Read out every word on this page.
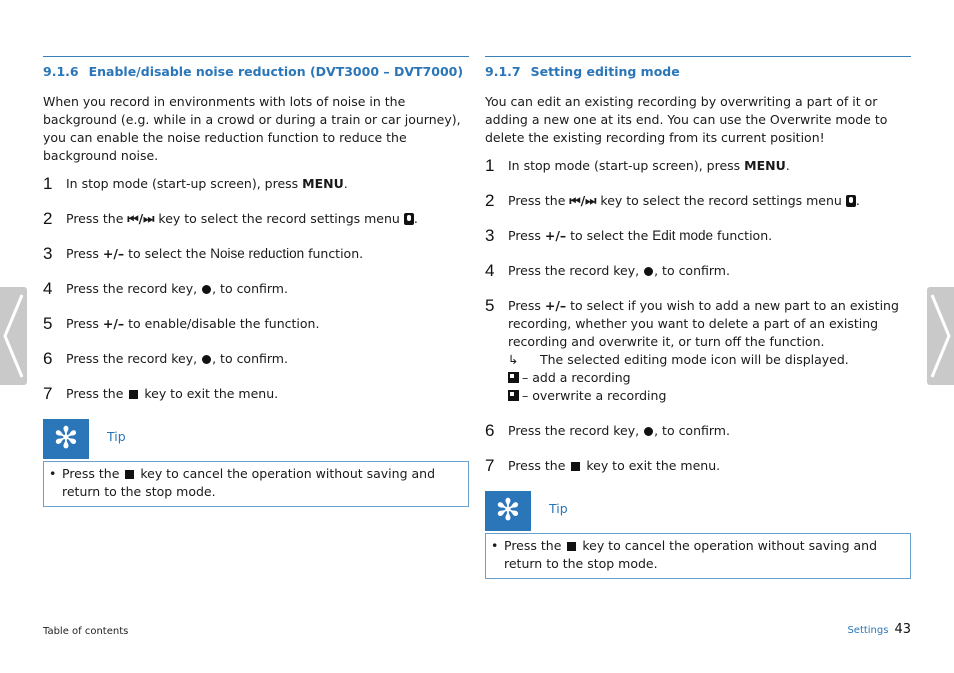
9.1.6 Enable/disable noise reduction (DVT3000 – DVT7000)

When you record in environments with lots of noise in the background (e.g. while in a crowd or during a train or car journey), you can enable the noise reduction function to reduce the background noise.

1 In stop mode (start-up screen), press MENU.
2 Press the ⏮/⏭ key to select the record settings menu .
3 Press +/– to select the Noise reduction function.
4 Press the record key, , to confirm.
5 Press +/– to enable/disable the function.
6 Press the record key, , to confirm.
7 Press the  key to exit the menu.
✻	Tip
• Press the  key to cancel the operation without saving and return to the stop mode.
9.1.7 Setting editing mode

You can edit an existing recording by overwriting a part of it or adding a new one at its end. You can use the Overwrite mode to delete the existing recording from its current position!

1 In stop mode (start-up screen), press MENU.
2 Press the ⏮/⏭ key to select the record settings menu .
3 Press +/– to select the Edit mode function.
4 Press the record key, , to confirm.
5 Press +/– to select if you wish to add a new part to an existing recording, whether you want to delete a part of an existing recording and overwrite it, or turn off the function.
↳	The selected editing mode icon will be displayed.
– add a recording
– overwrite a recording
6 Press the record key, , to confirm.
7 Press the  key to exit the menu.
✻	Tip
• Press the  key to cancel the operation without saving and return to the stop mode.
Table of contents	Settings 43
